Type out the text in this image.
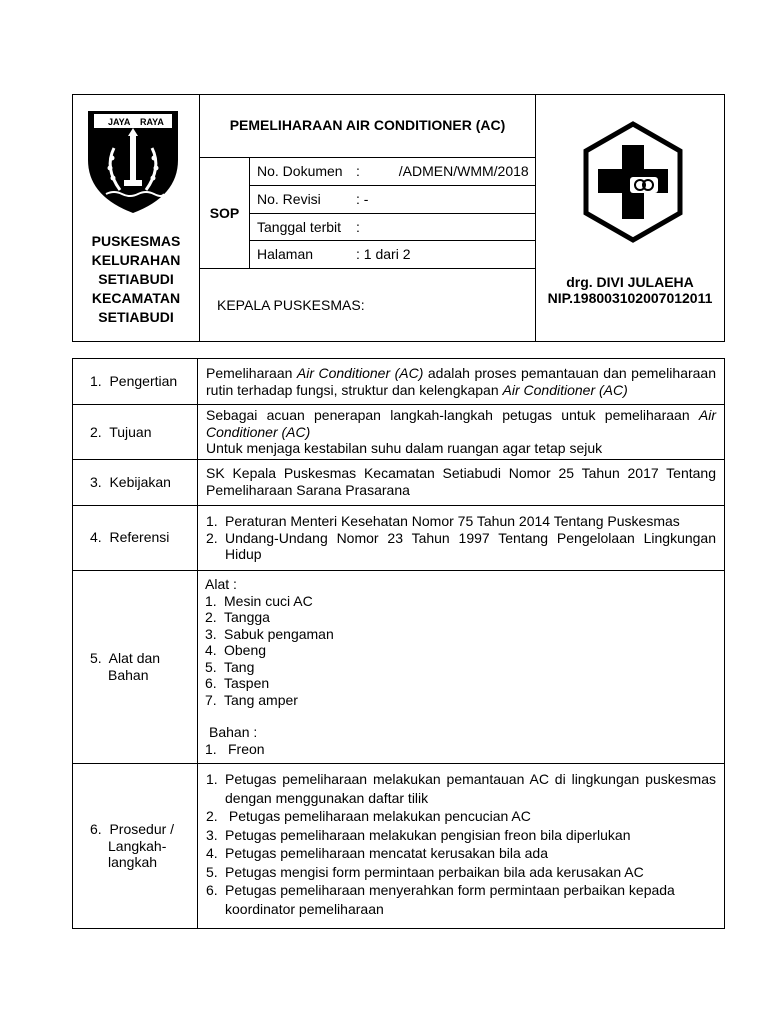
JAYA RAYA
PUSKESMAS
KELURAHAN
SETIABUDI
KECAMATAN
SETIABUDI
PEMELIHARAAN AIR CONDITIONER (AC)
SOP
No. Dokumen :          /ADMEN/WMM/2018
No. Revisi	: -
Tanggal terbit :
Halaman	: 1 dari 2
KEPALA PUSKESMAS:
drg. DIVI JULAEHA
NIP.198003102007012011
1.  Pengertian Pemeliharaan Air Conditioner (AC) adalah proses pemantauan dan pemeliharaan rutin terhadap fungsi, struktur dan kelengkapan Air Conditioner (AC)
2.  Tujuan
Sebagai acuan penerapan langkah-langkah petugas untuk pemeliharaan Air Conditioner (AC)
Untuk menjaga kestabilan suhu dalam ruangan agar tetap sejuk
3.  Kebijakan
SK Kepala Puskesmas Kecamatan Setiabudi Nomor 25 Tahun 2017 Tentang Pemeliharaan Sarana Prasarana
4.  Referensi
1. Peraturan Menteri Kesehatan Nomor 75 Tahun 2014 Tentang Puskesmas
2. Undang-Undang Nomor 23 Tahun 1997 Tentang Pengelolaan Lingkungan Hidup
5.  Alat dan
Bahan
Alat :
1. Mesin cuci AC
2. Tangga
3. Sabuk pengaman
4. Obeng
5. Tang
6. Taspen
7. Tang amper
Bahan :
1. Freon
6.  Prosedur /
Langkah-
langkah
1. Petugas pemeliharaan melakukan pemantauan AC di lingkungan puskesmas dengan menggunakan daftar tilik
2. Petugas pemeliharaan melakukan pencucian AC
3. Petugas pemeliharaan melakukan pengisian freon bila diperlukan
4. Petugas pemeliharaan mencatat kerusakan bila ada
5. Petugas mengisi form permintaan perbaikan bila ada kerusakan AC
6. Petugas pemeliharaan menyerahkan form permintaan perbaikan kepada koordinator pemeliharaan
